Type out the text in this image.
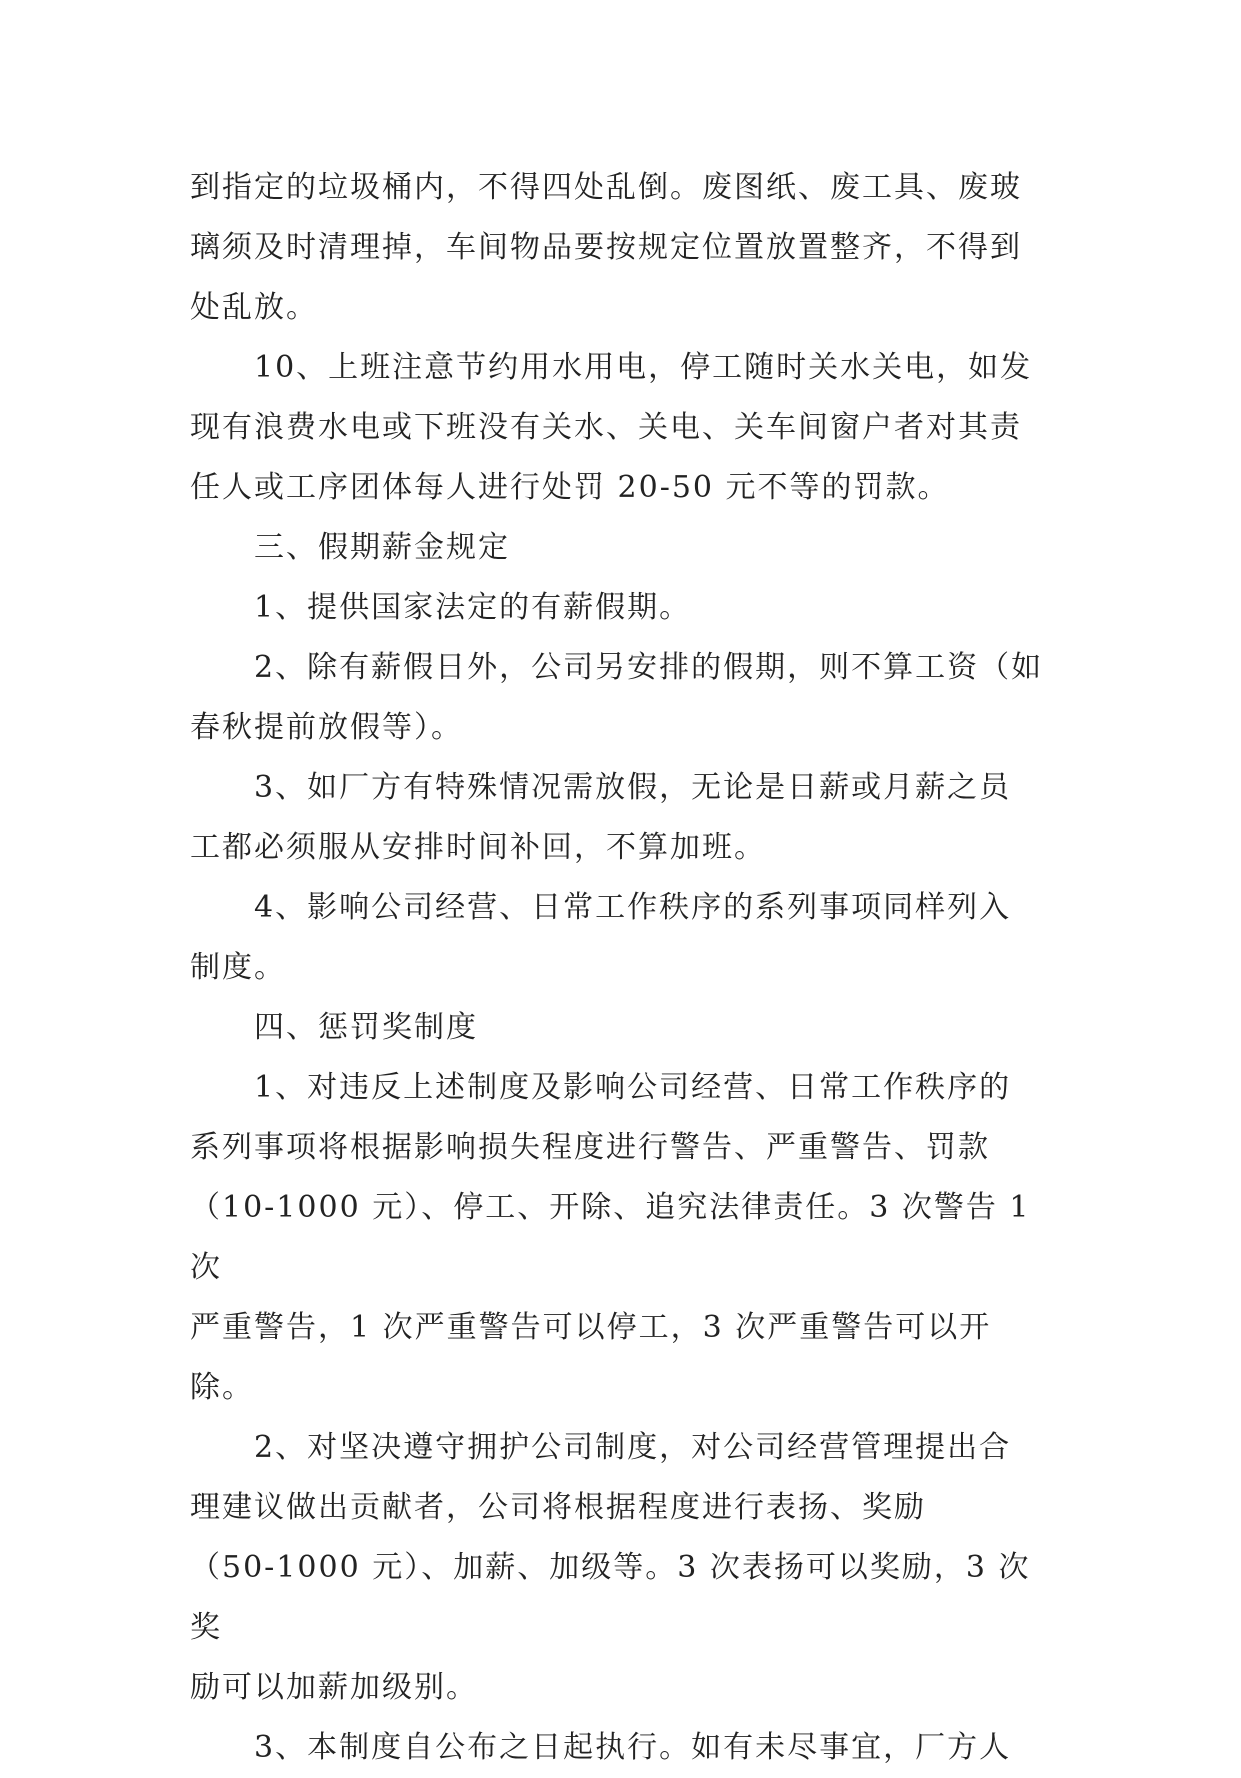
到指定的垃圾桶内，不得四处乱倒。废图纸、废工具、废玻

璃须及时清理掉，车间物品要按规定位置放置整齐，不得到

处乱放。

10、上班注意节约用水用电，停工随时关水关电，如发

现有浪费水电或下班没有关水、关电、关车间窗户者对其责

任人或工序团体每人进行处罚 20-50 元不等的罚款。

三、假期薪金规定

1、提供国家法定的有薪假期。

2、除有薪假日外，公司另安排的假期，则不算工资（如

春秋提前放假等）。

3、如厂方有特殊情况需放假，无论是日薪或月薪之员

工都必须服从安排时间补回，不算加班。

4、影响公司经营、日常工作秩序的系列事项同样列入

制度。

四、惩罚奖制度

1、对违反上述制度及影响公司经营、日常工作秩序的

系列事项将根据影响损失程度进行警告、严重警告、罚款

（10-1000 元）、停工、开除、追究法律责任。3 次警告 1 次

严重警告，1 次严重警告可以停工，3 次严重警告可以开除。

2、对坚决遵守拥护公司制度，对公司经营管理提出合

理建议做出贡献者，公司将根据程度进行表扬、奖励

（50-1000 元）、加薪、加级等。3 次表扬可以奖励，3 次奖

励可以加薪加级别。

3、本制度自公布之日起执行。如有未尽事宜，厂方人
